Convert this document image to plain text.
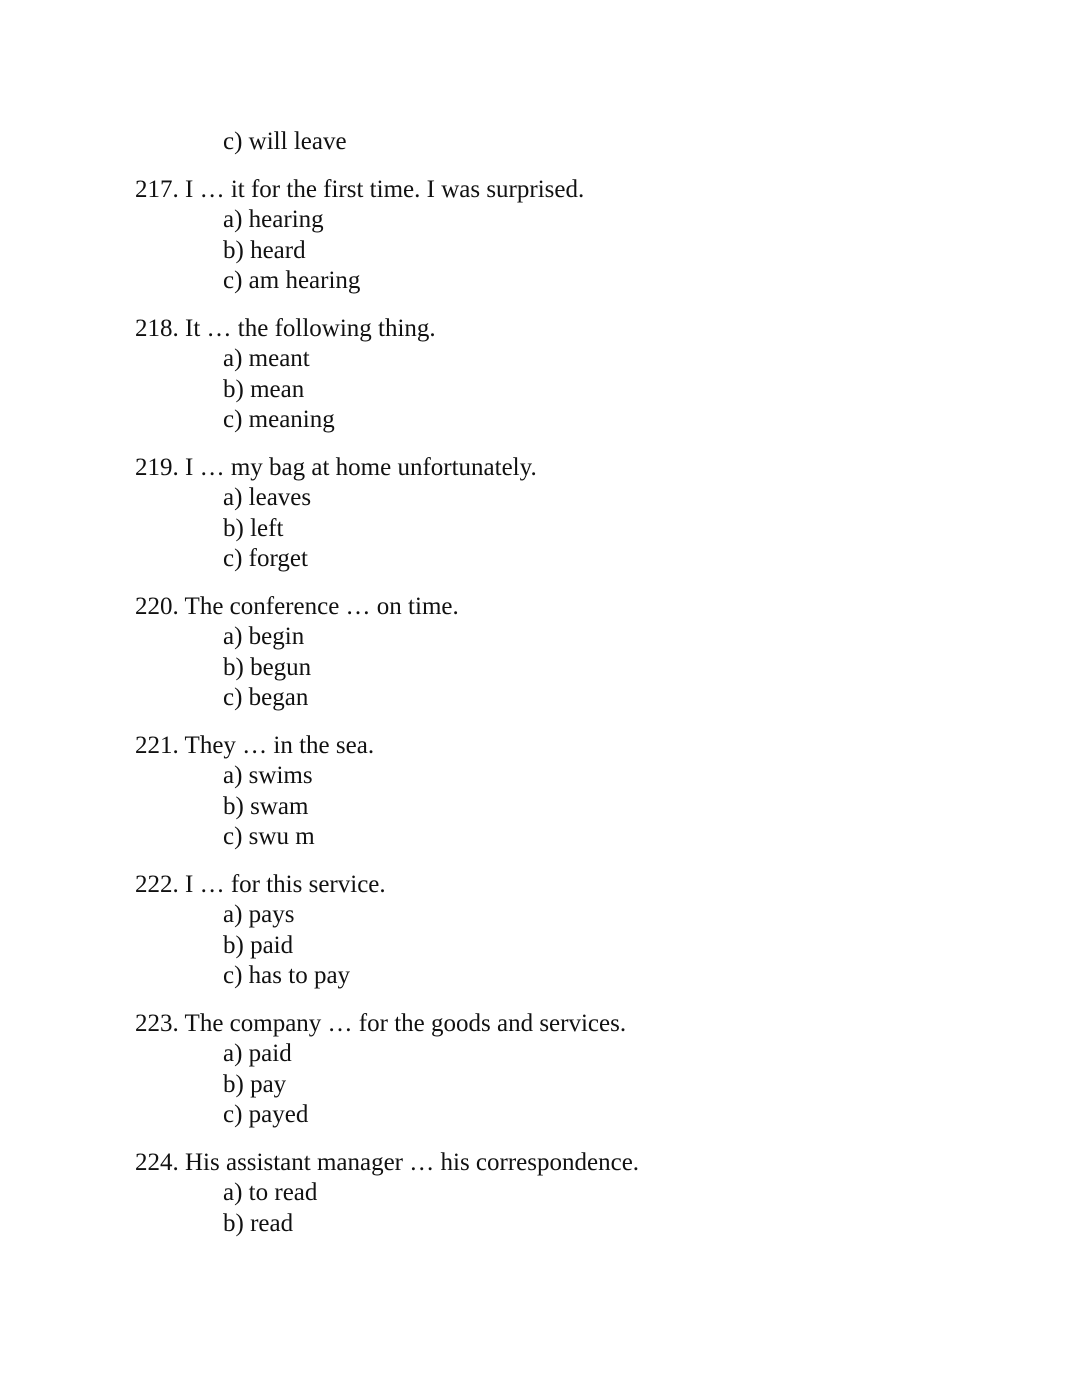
c) will leave
217. I … it for the first time. I was surprised.
a) hearing
b) heard
c) am hearing
218. It … the following thing.
a) meant
b) mean
c) meaning
219. I … my bag at home unfortunately.
a) leaves
b) left
c) forget
220. The conference … on time.
a) begin
b) begun
c) began
221. They … in the sea.
a) swims
b) swam
c) swu m
222. I … for this service.
a) pays
b) paid
c) has to pay
223. The company … for the goods and services.
a) paid
b) pay
c) payed
224. His assistant manager … his correspondence.
a) to read
b) read
